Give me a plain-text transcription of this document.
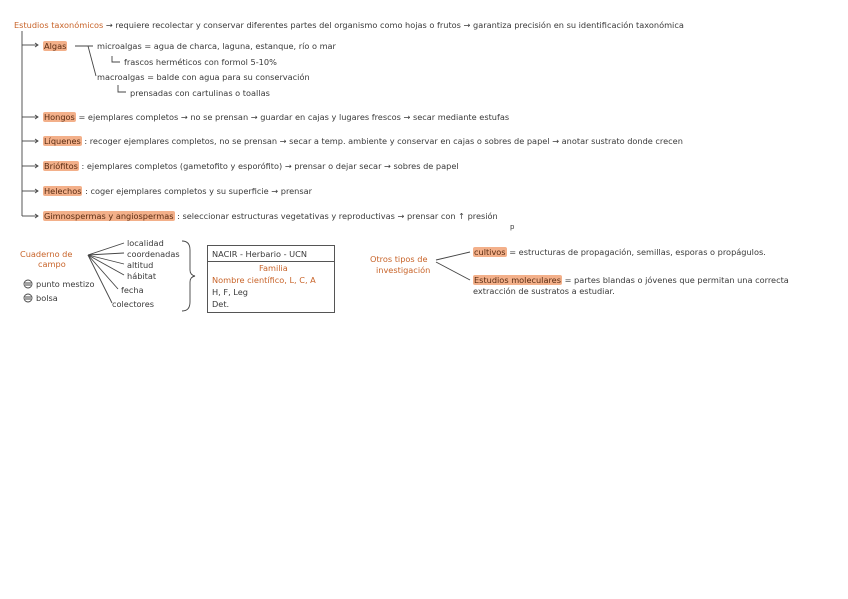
Estudios taxonómicos → requiere recolectar y conservar diferentes partes del organismo como hojas o frutos → garantiza precisión en su identificación taxonómica
Algas	microalgas = agua de charca, laguna, estanque, río o mar
frascos herméticos con formol 5-10%
macroalgas = balde con agua para su conservación
prensadas con cartulinas o toallas
Hongos = ejemplares completos → no se prensan → guardar en cajas y lugares frescos → secar mediante estufas
Líquenes : recoger ejemplares completos, no se prensan → secar a temp. ambiente y conservar en cajas o sobres de papel → anotar sustrato donde crecen
Briófitos : ejemplares completos (gametofito y esporófito) → prensar o dejar secar → sobres de papel
Helechos : coger ejemplares completos y su superficie → prensar
Gimnospermas y angiospermas : seleccionar estructuras vegetativas y reproductivas → prensar con ↑ presión
p
Cuaderno de
campo
punto mestizo
bolsa
localidad
coordenadas
altitud
hábitat
fecha
colectores
NACIR - Herbario - UCN
Familia
Nombre científico, L, C, A
H, F, Leg
Det.
Otros tipos de
investigación
cultivos = estructuras de propagación, semillas, esporas o propágulos.
Estudios moleculares = partes blandas o jóvenes que permitan una correcta
extracción de sustratos a estudiar.
